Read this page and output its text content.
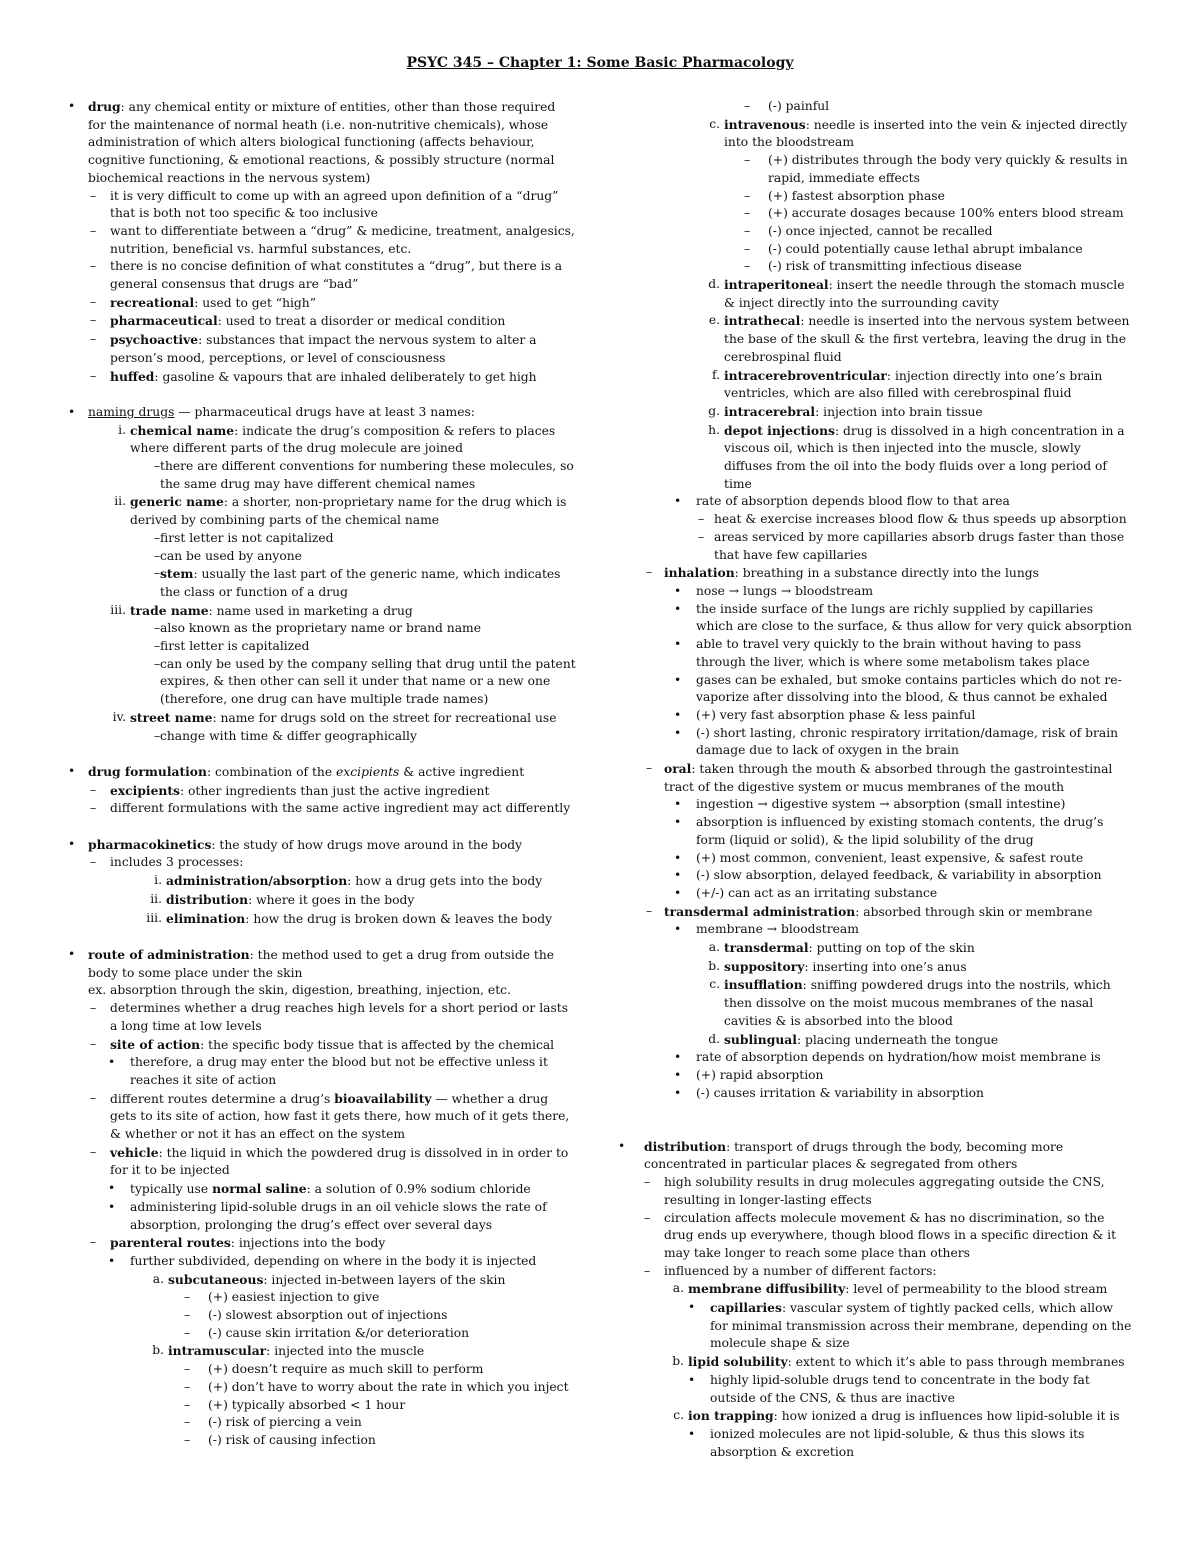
PSYC 345 – Chapter 1: Some Basic Pharmacology
• drug: any chemical entity or mixture of entities, other than those required for the maintenance of normal heath (i.e. non-nutritive chemicals), whose administration of which alters biological functioning (affects behaviour, cognitive functioning, & emotional reactions, & possibly structure (normal biochemical reactions in the nervous system)
– it is very difficult to come up with an agreed upon definition of a “drug” that is both not too specific & too inclusive
– want to differentiate between a “drug” & medicine, treatment, analgesics, nutrition, beneficial vs. harmful substances, etc.
– there is no concise definition of what constitutes a “drug”, but there is a general consensus that drugs are “bad”
– recreational: used to get “high”
– pharmaceutical: used to treat a disorder or medical condition
– psychoactive: substances that impact the nervous system to alter a person’s mood, perceptions, or level of consciousness
– huffed: gasoline & vapours that are inhaled deliberately to get high
• naming drugs — pharmaceutical drugs have at least 3 names:
i. chemical name: indicate the drug’s composition & refers to places where different parts of the drug molecule are joined
– there are different conventions for numbering these molecules, so the same drug may have different chemical names
ii. generic name: a shorter, non-proprietary name for the drug which is derived by combining parts of the chemical name
– first letter is not capitalized
– can be used by anyone
– stem: usually the last part of the generic name, which indicates the class or function of a drug
iii. trade name: name used in marketing a drug
– also known as the proprietary name or brand name
– first letter is capitalized
– can only be used by the company selling that drug until the patent expires, & then other can sell it under that name or a new one (therefore, one drug can have multiple trade names)
iv. street name: name for drugs sold on the street for recreational use
– change with time & differ geographically
• drug formulation: combination of the excipients & active ingredient
– excipients: other ingredients than just the active ingredient
– different formulations with the same active ingredient may act differently
• pharmacokinetics: the study of how drugs move around in the body
– includes 3 processes:
i. administration/absorption: how a drug gets into the body
ii. distribution: where it goes in the body
iii. elimination: how the drug is broken down & leaves the body
• route of administration: the method used to get a drug from outside the body to some place under the skin
ex. absorption through the skin, digestion, breathing, injection, etc.
– determines whether a drug reaches high levels for a short period or lasts a long time at low levels
– site of action: the specific body tissue that is affected by the chemical
• therefore, a drug may enter the blood but not be effective unless it reaches it site of action
– different routes determine a drug’s bioavailability — whether a drug gets to its site of action, how fast it gets there, how much of it gets there, & whether or not it has an effect on the system
– vehicle: the liquid in which the powdered drug is dissolved in in order to for it to be injected
• typically use normal saline: a solution of 0.9% sodium chloride
• administering lipid-soluble drugs in an oil vehicle slows the rate of absorption, prolonging the drug’s effect over several days
– parenteral routes: injections into the body
• further subdivided, depending on where in the body it is injected
a. subcutaneous: injected in-between layers of the skin
– (+) easiest injection to give
– (-) slowest absorption out of injections
– (-) cause skin irritation &/or deterioration
b. intramuscular: injected into the muscle
– (+) doesn’t require as much skill to perform
– (+) don’t have to worry about the rate in which you inject
– (+) typically absorbed < 1 hour
– (-) risk of piercing a vein
– (-) risk of causing infection
– (-) painful
c. intravenous: needle is inserted into the vein & injected directly into the bloodstream
– (+) distributes through the body very quickly & results in rapid, immediate effects
– (+) fastest absorption phase
– (+) accurate dosages because 100% enters blood stream
– (-) once injected, cannot be recalled
– (-) could potentially cause lethal abrupt imbalance
– (-) risk of transmitting infectious disease
d. intraperitoneal: insert the needle through the stomach muscle & inject directly into the surrounding cavity
e. intrathecal: needle is inserted into the nervous system between the base of the skull & the first vertebra, leaving the drug in the cerebrospinal fluid
f. intracerebroventricular: injection directly into one’s brain ventricles, which are also filled with cerebrospinal fluid
g. intracerebral: injection into brain tissue
h. depot injections: drug is dissolved in a high concentration in a viscous oil, which is then injected into the muscle, slowly diffuses from the oil into the body fluids over a long period of time
• rate of absorption depends blood flow to that area
– heat & exercise increases blood flow & thus speeds up absorption
– areas serviced by more capillaries absorb drugs faster than those that have few capillaries
– inhalation: breathing in a substance directly into the lungs
• nose → lungs → bloodstream
• the inside surface of the lungs are richly supplied by capillaries which are close to the surface, & thus allow for very quick absorption
• able to travel very quickly to the brain without having to pass through the liver, which is where some metabolism takes place
• gases can be exhaled, but smoke contains particles which do not re-vaporize after dissolving into the blood, & thus cannot be exhaled
• (+) very fast absorption phase & less painful
• (-) short lasting, chronic respiratory irritation/damage, risk of brain damage due to lack of oxygen in the brain
– oral: taken through the mouth & absorbed through the gastrointestinal tract of the digestive system or mucus membranes of the mouth
• ingestion → digestive system → absorption (small intestine)
• absorption is influenced by existing stomach contents, the drug’s form (liquid or solid), & the lipid solubility of the drug
• (+) most common, convenient, least expensive, & safest route
• (-) slow absorption, delayed feedback, & variability in absorption
• (+/-) can act as an irritating substance
– transdermal administration: absorbed through skin or membrane
• membrane → bloodstream
a. transdermal: putting on top of the skin
b. suppository: inserting into one’s anus
c. insufflation: sniffing powdered drugs into the nostrils, which then dissolve on the moist mucous membranes of the nasal cavities & is absorbed into the blood
d. sublingual: placing underneath the tongue
• rate of absorption depends on hydration/how moist membrane is
• (+) rapid absorption
• (-) causes irritation & variability in absorption
• distribution: transport of drugs through the body, becoming more concentrated in particular places & segregated from others
– high solubility results in drug molecules aggregating outside the CNS, resulting in longer-lasting effects
– circulation affects molecule movement & has no discrimination, so the drug ends up everywhere, though blood flows in a specific direction & it may take longer to reach some place than others
– influenced by a number of different factors:
a. membrane diffusibility: level of permeability to the blood stream
• capillaries: vascular system of tightly packed cells, which allow for minimal transmission across their membrane, depending on the molecule shape & size
b. lipid solubility: extent to which it’s able to pass through membranes
• highly lipid-soluble drugs tend to concentrate in the body fat outside of the CNS, & thus are inactive
c. ion trapping: how ionized a drug is influences how lipid-soluble it is
• ionized molecules are not lipid-soluble, & thus this slows its absorption & excretion
